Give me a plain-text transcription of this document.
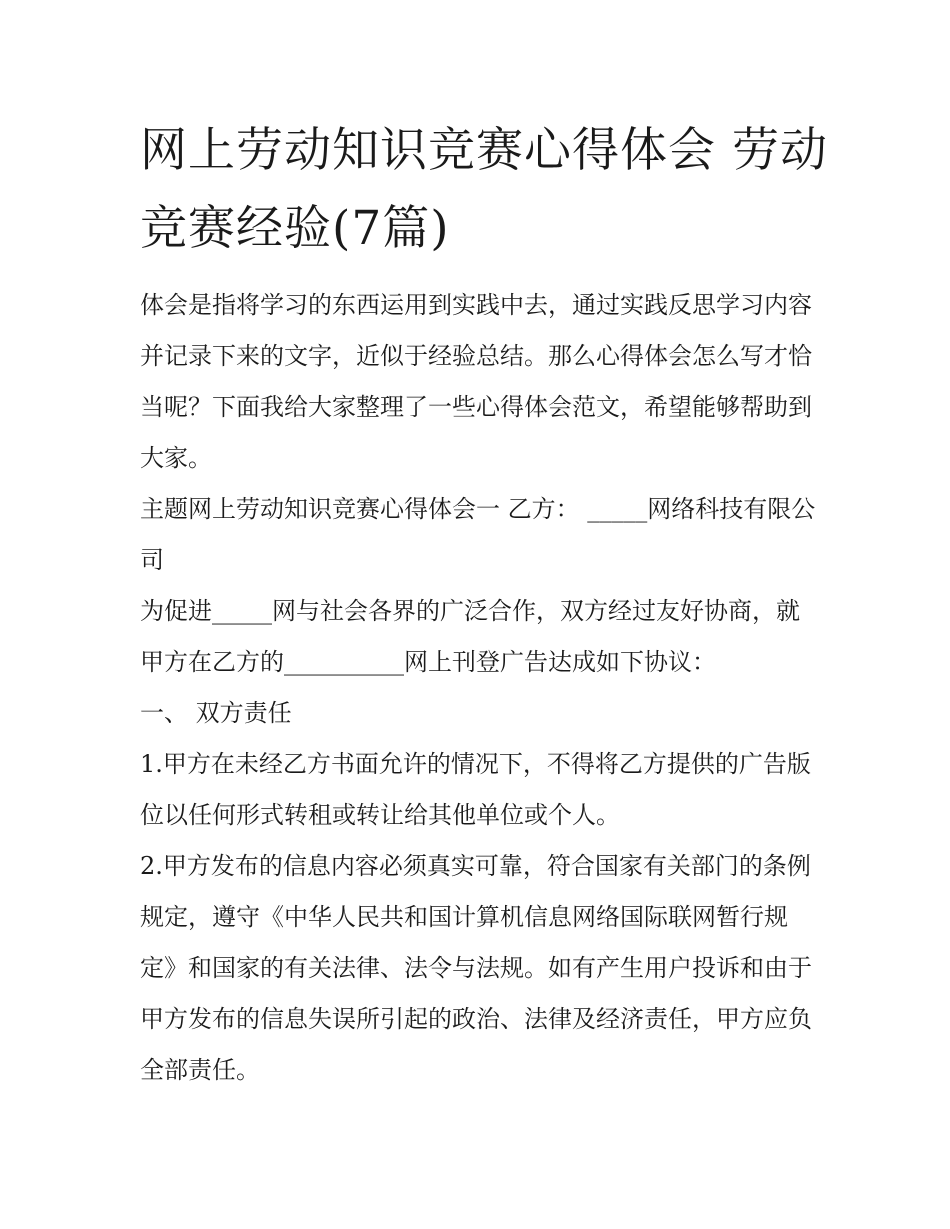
网上劳动知识竞赛心得体会 劳动竞赛经验(7篇)

体会是指将学习的东西运用到实践中去，通过实践反思学习内容并记录下来的文字，近似于经验总结。那么心得体会怎么写才恰当呢？下面我给大家整理了一些心得体会范文，希望能够帮助到大家。

主题网上劳动知识竞赛心得体会一 乙方： _____网络科技有限公司

为促进_____网与社会各界的广泛合作，双方经过友好协商，就甲方在乙方的__________网上刊登广告达成如下协议：

一、 双方责任

1.甲方在未经乙方书面允许的情况下，不得将乙方提供的广告版位以任何形式转租或转让给其他单位或个人。

2.甲方发布的信息内容必须真实可靠，符合国家有关部门的条例规定，遵守《中华人民共和国计算机信息网络国际联网暂行规定》和国家的有关法律、法令与法规。如有产生用户投诉和由于甲方发布的信息失误所引起的政治、法律及经济责任，甲方应负全部责任。
